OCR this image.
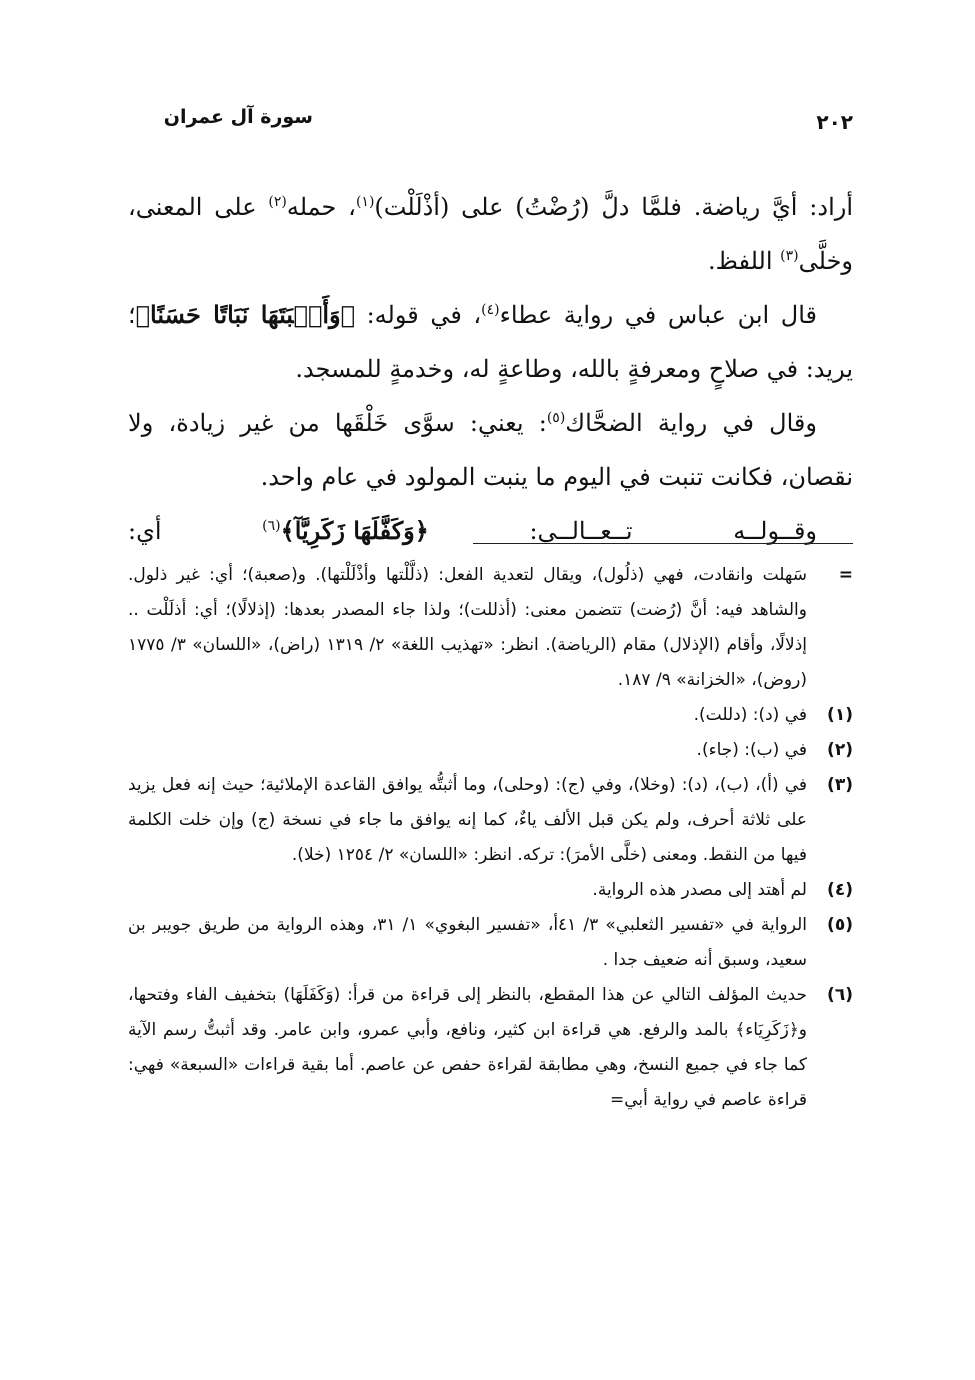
٢٠٢
سورة آل عمران

أراد: أيَّ رياضة. فلمَّا دلَّ (رُضْتُ) على (أذْلَلْت)$^{(١)}$، حمله$^{(٢)}$ على المعنى، وخلَّى$^{(٣)}$ اللفظ.

قال ابن عباس في رواية عطاء$^{(٤)}$، في قوله: ﴿وَأَنۢبَتَهَا نَبَاتًا حَسَنًا﴾؛ يريد: في صلاحٍ ومعرفةٍ بالله، وطاعةٍ له، وخدمةٍ للمسجد.

وقال في رواية الضحَّاك$^{(٥)}$: يعني: سوَّى خَلْقَها من غير زيادة، ولا نقصان، فكانت تنبت في اليوم ما ينبت المولود في عام واحد.

وقــولــه
تــعــالــى:
﴿وَكَفَّلَهَا زَكَرِيَّآ﴾$^{(٦)}$
أي:

=
سَهلت وانقادت، فهي (ذلُول)، ويقال لتعدية الفعل: (ذلَّلْتها وأذْلَلْتها). و(صعبة)؛ أي: غير ذلول. والشاهد فيه: أنَّ (رُضت) تتضمن معنى: (أذللت)؛ ولذا جاء المصدر بعدها: (إذلالًا)؛ أي: أذلَلْت .. إذلالًا، وأقام (الإذلال) مقام (الرياضة). انظر: «تهذيب اللغة» ٢/ ١٣١٩ (راض)، «اللسان» ٣/ ١٧٧٥ (روض)، «الخزانة» ٩/ ١٨٧.
(١)
في (د): (دللت).
(٢)
في (ب): (جاء).
(٣)
في (أ)، (ب)، (د): (وخلا)، وفي (ج): (وحلى)، وما أثبتُّه يوافق القاعدة الإملائية؛ حيث إنه فعل يزيد على ثلاثة أحرف، ولم يكن قبل الألف ياءٌ، كما إنه يوافق ما جاء في نسخة (ج) وإن خلت الكلمة فيها من النقط. ومعنى (خلَّى الأمرَ): تركه. انظر: «اللسان» ٢/ ١٢٥٤ (خلا).
(٤)
لم أهتد إلى مصدر هذه الرواية.
(٥)
الرواية في «تفسير الثعلبي» ٣/ ٤١أ، «تفسير البغوي» ١/ ٣١، وهذه الرواية من طريق جويبر بن سعيد، وسبق أنه ضعيف جدا .
(٦)
حديث المؤلف التالي عن هذا المقطع، بالنظر إلى قراءة من قرأ: (وَكَفَلَهَا) بتخفيف الفاء وفتحها، و﴿زَكَرِيَاء﴾ بالمد والرفع. هي قراءة ابن كثير، ونافع، وأبي عمرو، وابن عامر. وقد أثبتُّ رسم الآية كما جاء في جميع النسخ، وهي مطابقة لقراءة حفص عن عاصم. أما بقية قراءات «السبعة» فهي: قراءة عاصم في رواية أبي=
